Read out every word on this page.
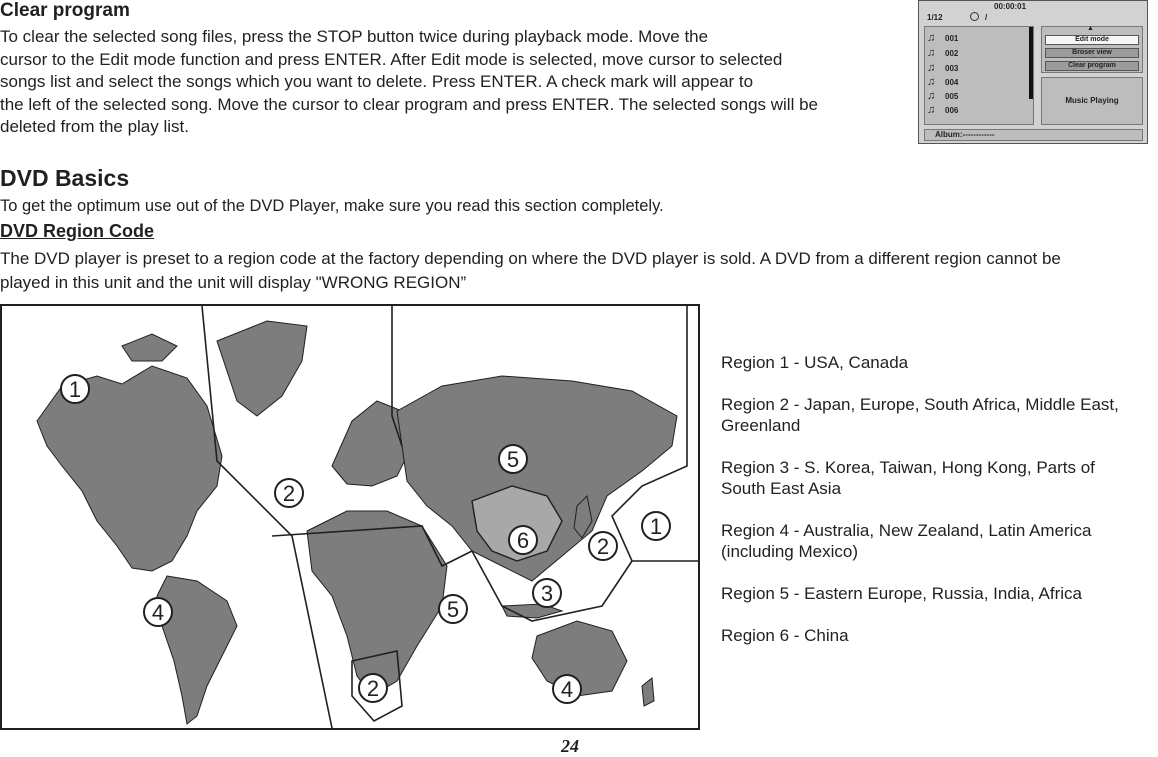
Clear program
To clear the selected song files, press the STOP button twice during playback mode. Move the
cursor to the Edit mode function and press ENTER. After Edit mode is selected, move cursor to selected
songs list and select the songs which you want to delete. Press ENTER. A check mark will appear to
the left of the selected song. Move the cursor to clear program and press ENTER. The selected songs will be
deleted from the play list.
00:00:01
1/12	/
♫ 001
♫ 002
♫ 003
♫ 004
♫ 005
♫ 006
▲
Edit mode
Broser view
Clear program
Music Playing
Album:------------
DVD Basics
To get the optimum use out of the DVD Player, make sure you read this section completely.
DVD Region Code
The DVD player is preset to a region code at the factory depending on where the DVD player is sold. A DVD from a different region cannot be
played in this unit and the unit will display "WRONG REGION”
1
2
4
5
6
1
2
5
3
2	4
Region 1 - USA, Canada
Region 2 - Japan, Europe, South Africa, Middle East,
Greenland
Region 3 - S. Korea, Taiwan, Hong Kong, Parts of
South East Asia
Region 4 - Australia, New Zealand, Latin America
(including Mexico)
Region 5 - Eastern Europe, Russia, India, Africa
Region 6 - China
24
